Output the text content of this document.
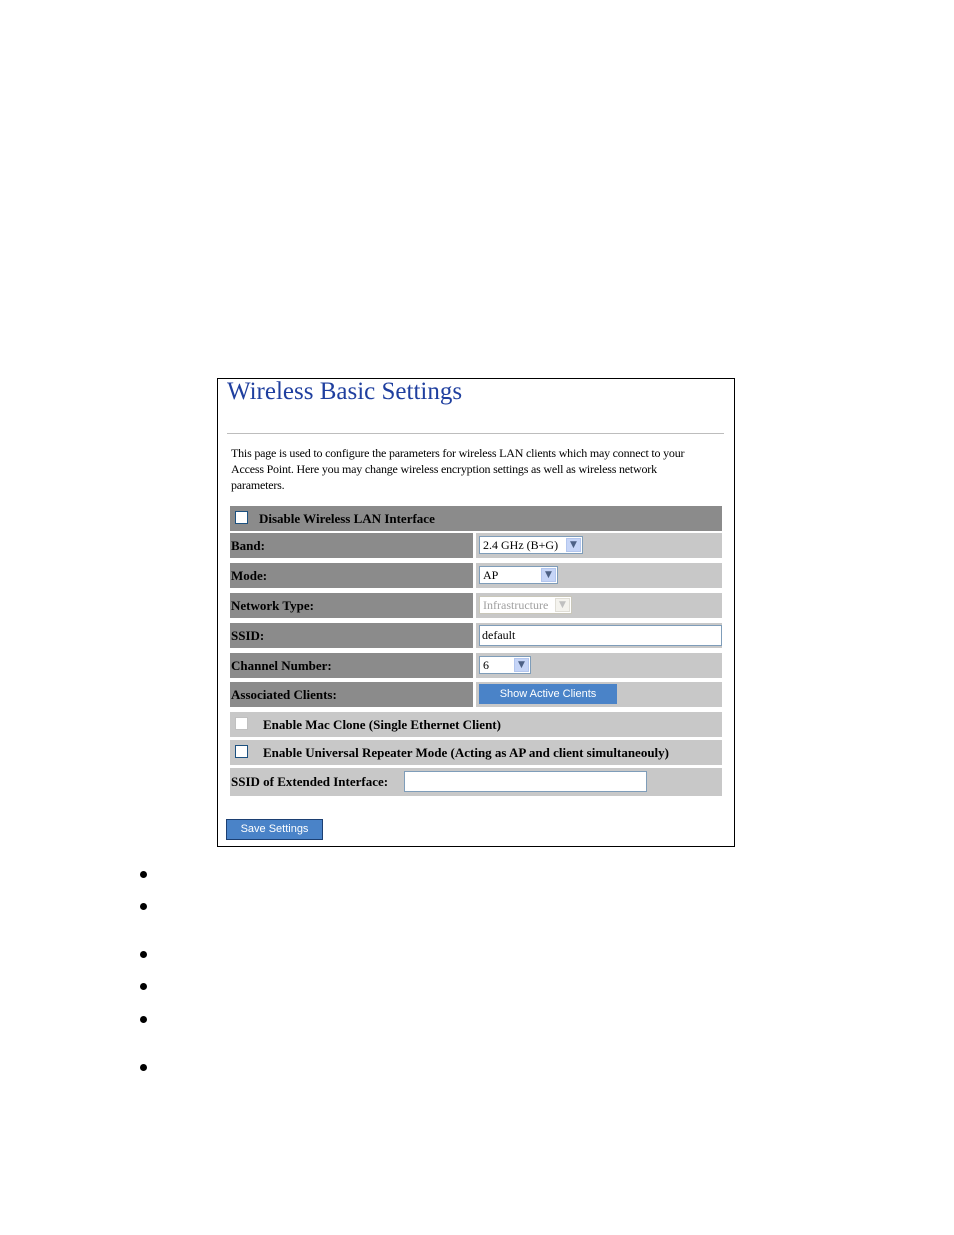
Wireless Basic Settings
This page is used to configure the parameters for wireless LAN clients which may connect to your Access Point. Here you may change wireless encryption settings as well as wireless network parameters.
Disable Wireless LAN Interface
Band:	2.4 GHz (B+G)	▼
Mode:	AP	▼
Network Type:	Infrastructure	▼
SSID:	default
Channel Number:	6	▼
Associated Clients:	Show Active Clients
Enable Mac Clone (Single Ethernet Client)
Enable Universal Repeater Mode (Acting as AP and client simultaneouly)
SSID of Extended Interface:
Save Settings
